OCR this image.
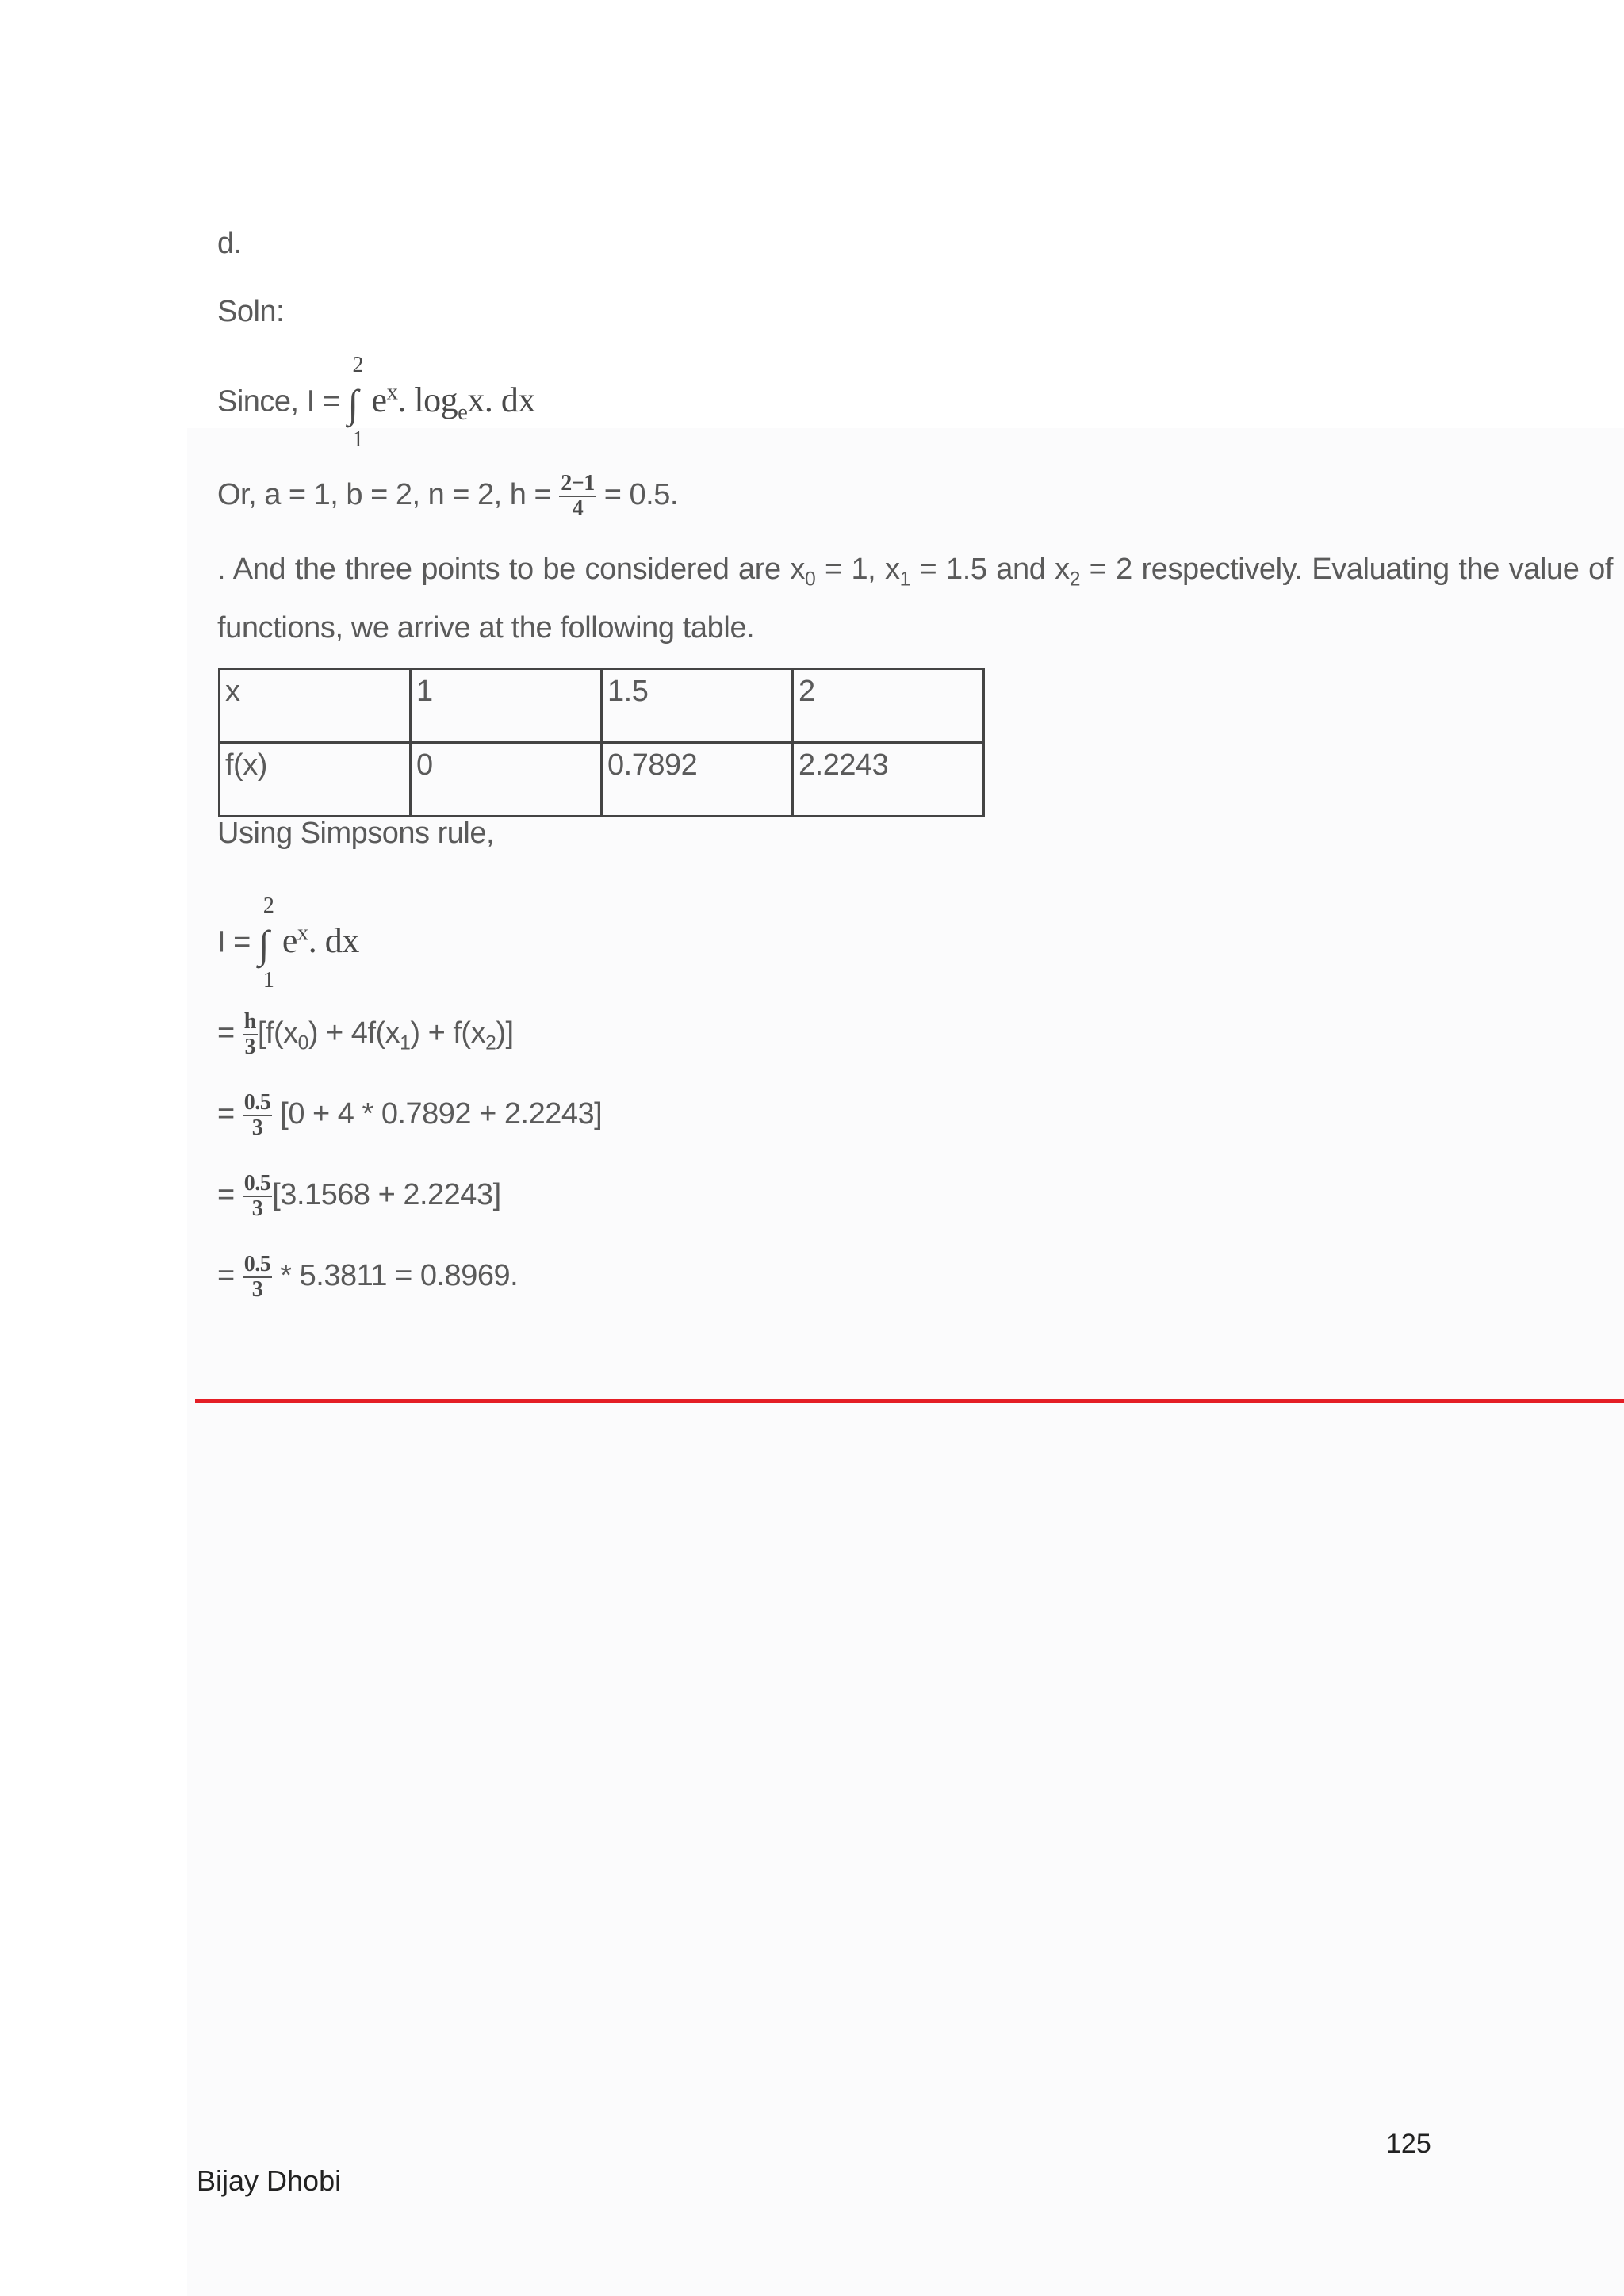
d.
Soln:
Since, I =
2
∫
1
$e^x$. $\log_ex$. dx
Or, a = 1, b = 2, n = 2, $h = \frac{2-1}{4} = 0.5$.
. And the three points to be considered are $x_0 = 1$, $x_1 = 1.5$ and $x_2 = 2$ respectively. Evaluating the value of functions, we arrive at the following table.
x	1	1.5	2
f(x)	0	0.7892	2.2243
Using Simpsons rule,
I =
2
∫
1
$e^x$. dx
= $\frac{h}{3} [f(x_0) + 4f(x_1) + f(x_2)]$
= $\frac{0.5}{3} [0 + 4 * 0.7892 + 2.2243]$
= $\frac{0.5}{3} [3.1568 + 2.2243]$
= $\frac{0.5}{3} * 5.3811 = 0.8969$.
125
Bijay Dhobi
